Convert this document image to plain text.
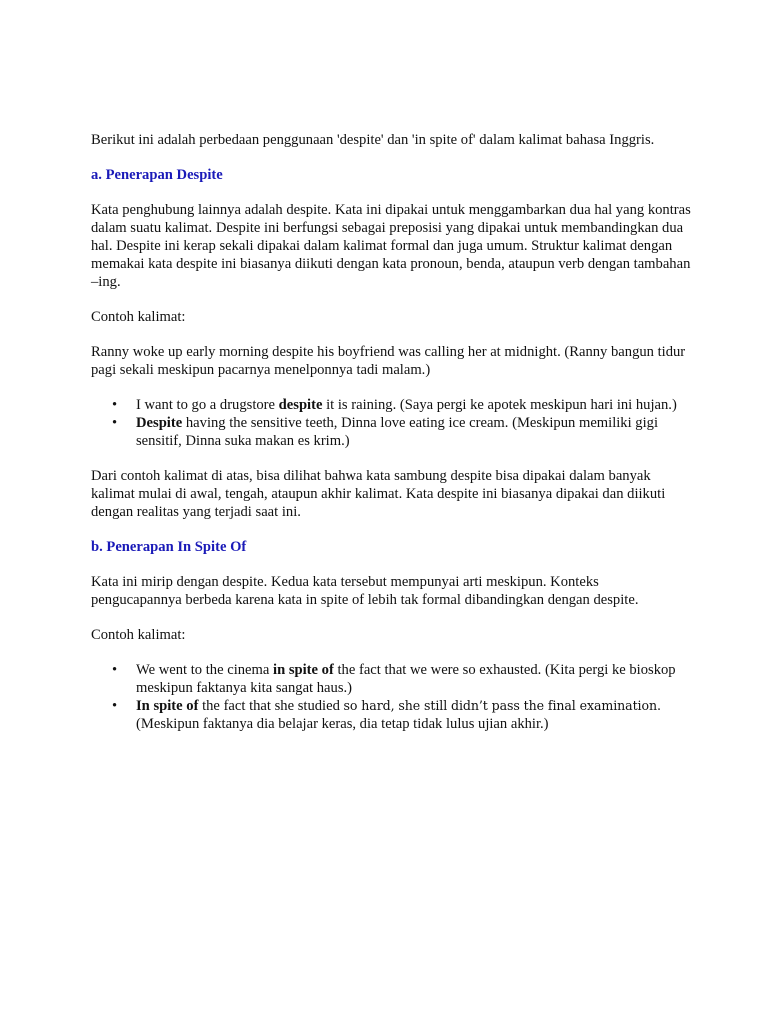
Berikut ini adalah perbedaan penggunaan 'despite' dan 'in spite of' dalam kalimat bahasa Inggris.

a. Penerapan Despite

Kata penghubung lainnya adalah despite. Kata ini dipakai untuk menggambarkan dua hal yang kontras dalam suatu kalimat. Despite ini berfungsi sebagai preposisi yang dipakai untuk membandingkan dua hal. Despite ini kerap sekali dipakai dalam kalimat formal dan juga umum. Struktur kalimat dengan memakai kata despite ini biasanya diikuti dengan kata pronoun, benda, ataupun verb dengan tambahan –ing.

Contoh kalimat:

Ranny woke up early morning despite his boyfriend was calling her at midnight. (Ranny bangun tidur pagi sekali meskipun pacarnya menelponnya tadi malam.)

• I want to go a drugstore despite it is raining. (Saya pergi ke apotek meskipun hari ini hujan.)
• Despite having the sensitive teeth, Dinna love eating ice cream. (Meskipun memiliki gigi sensitif, Dinna suka makan es krim.)

Dari contoh kalimat di atas, bisa dilihat bahwa kata sambung despite bisa dipakai dalam banyak kalimat mulai di awal, tengah, ataupun akhir kalimat. Kata despite ini biasanya dipakai dan diikuti dengan realitas yang terjadi saat ini.

b. Penerapan In Spite Of

Kata ini mirip dengan despite. Kedua kata tersebut mempunyai arti meskipun. Konteks pengucapannya berbeda karena kata in spite of lebih tak formal dibandingkan dengan despite.

Contoh kalimat:

• We went to the cinema in spite of the fact that we were so exhausted. (Kita pergi ke bioskop meskipun faktanya kita sangat haus.)
• In spite of the fact that she studied so hard, she still didn’t pass the final examination. (Meskipun faktanya dia belajar keras, dia tetap tidak lulus ujian akhir.)
